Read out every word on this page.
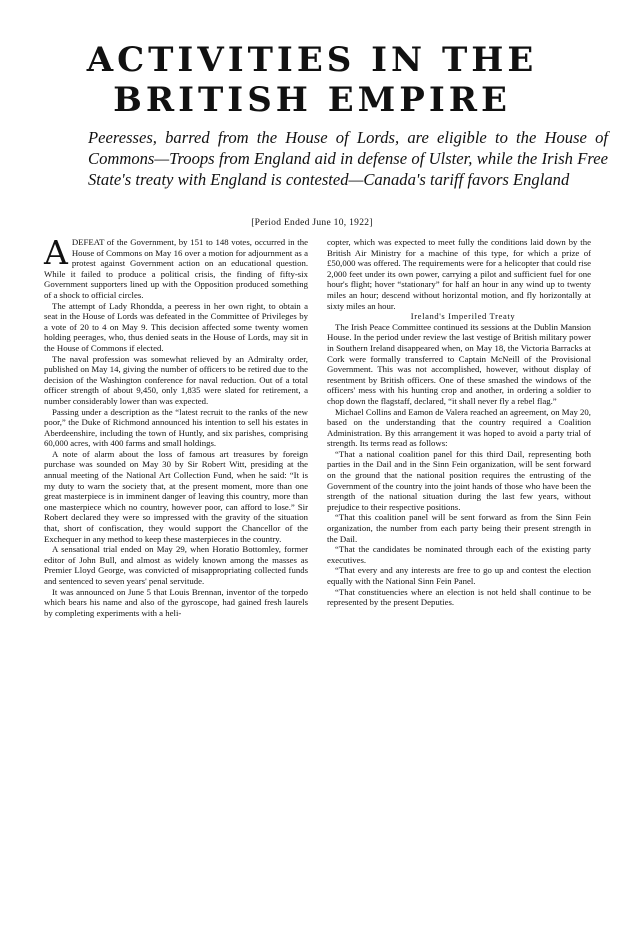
ACTIVITIES IN THE
BRITISH EMPIRE

Peeresses, barred from the House of Lords, are eligible to the House of Commons—Troops from England aid in defense of Ulster, while the Irish Free State's treaty with England is contested—Canada's tariff favors England

[Period Ended June 10, 1922]

ADEFEAT of the Government, by 151 to 148 votes, occurred in the House of Commons on May 16 over a motion for adjournment as a protest against Government action on an educational question. While it failed to produce a political crisis, the finding of fifty-six Government supporters lined up with the Opposition produced something of a shock to official circles.

The attempt of Lady Rhondda, a peeress in her own right, to obtain a seat in the House of Lords was defeated in the Committee of Privileges by a vote of 20 to 4 on May 9. This decision affected some twenty women holding peerages, who, thus denied seats in the House of Lords, may sit in the House of Commons if elected.

The naval profession was somewhat relieved by an Admiralty order, published on May 14, giving the number of officers to be retired due to the decision of the Washington conference for naval reduction. Out of a total officer strength of about 9,450, only 1,835 were slated for retirement, a number considerably lower than was expected.

Passing under a description as the “latest recruit to the ranks of the new poor,” the Duke of Richmond announced his intention to sell his estates in Aberdeenshire, including the town of Huntly, and six parishes, comprising 60,000 acres, with 400 farms and small holdings.

A note of alarm about the loss of famous art treasures by foreign purchase was sounded on May 30 by Sir Robert Witt, presiding at the annual meeting of the National Art Collection Fund, when he said: “It is my duty to warn the society that, at the present moment, more than one great masterpiece is in imminent danger of leaving this country, more than one masterpiece which no country, however poor, can afford to lose.” Sir Robert declared they were so impressed with the gravity of the situation that, short of confiscation, they would support the Chancellor of the Exchequer in any method to keep these masterpieces in the country.

A sensational trial ended on May 29, when Horatio Bottomley, former editor of John Bull, and almost as widely known among the masses as Premier Lloyd George, was convicted of misappropriating collected funds and sentenced to seven years' penal servitude.

It was announced on June 5 that Louis Brennan, inventor of the torpedo which bears his name and also of the gyroscope, had gained fresh laurels by completing experiments with a heli-

copter, which was expected to meet fully the conditions laid down by the British Air Ministry for a machine of this type, for which a prize of £50,000 was offered. The requirements were for a helicopter that could rise 2,000 feet under its own power, carrying a pilot and sufficient fuel for one hour's flight; hover “stationary” for half an hour in any wind up to twenty miles an hour; descend without horizontal motion, and fly horizontally at sixty miles an hour.

Ireland's Imperiled Treaty

The Irish Peace Committee continued its sessions at the Dublin Mansion House. In the period under review the last vestige of British military power in Southern Ireland disappeared when, on May 18, the Victoria Barracks at Cork were formally transferred to Captain McNeill of the Provisional Government. This was not accomplished, however, without display of resentment by British officers. One of these smashed the windows of the officers' mess with his hunting crop and another, in ordering a soldier to chop down the flagstaff, declared, “it shall never fly a rebel flag.”

Michael Collins and Eamon de Valera reached an agreement, on May 20, based on the understanding that the country required a Coalition Administration. By this arrangement it was hoped to avoid a party trial of strength. Its terms read as follows:

“That a national coalition panel for this third Dail, representing both parties in the Dail and in the Sinn Fein organization, will be sent forward on the ground that the national position requires the entrusting of the Government of the country into the joint hands of those who have been the strength of the national situation during the last few years, without prejudice to their respective positions.

“That this coalition panel will be sent forward as from the Sinn Fein organization, the number from each party being their present strength in the Dail.

“That the candidates be nominated through each of the existing party executives.

“That every and any interests are free to go up and contest the election equally with the National Sinn Fein Panel.

“That constituencies where an election is not held shall continue to be represented by the present Deputies.
